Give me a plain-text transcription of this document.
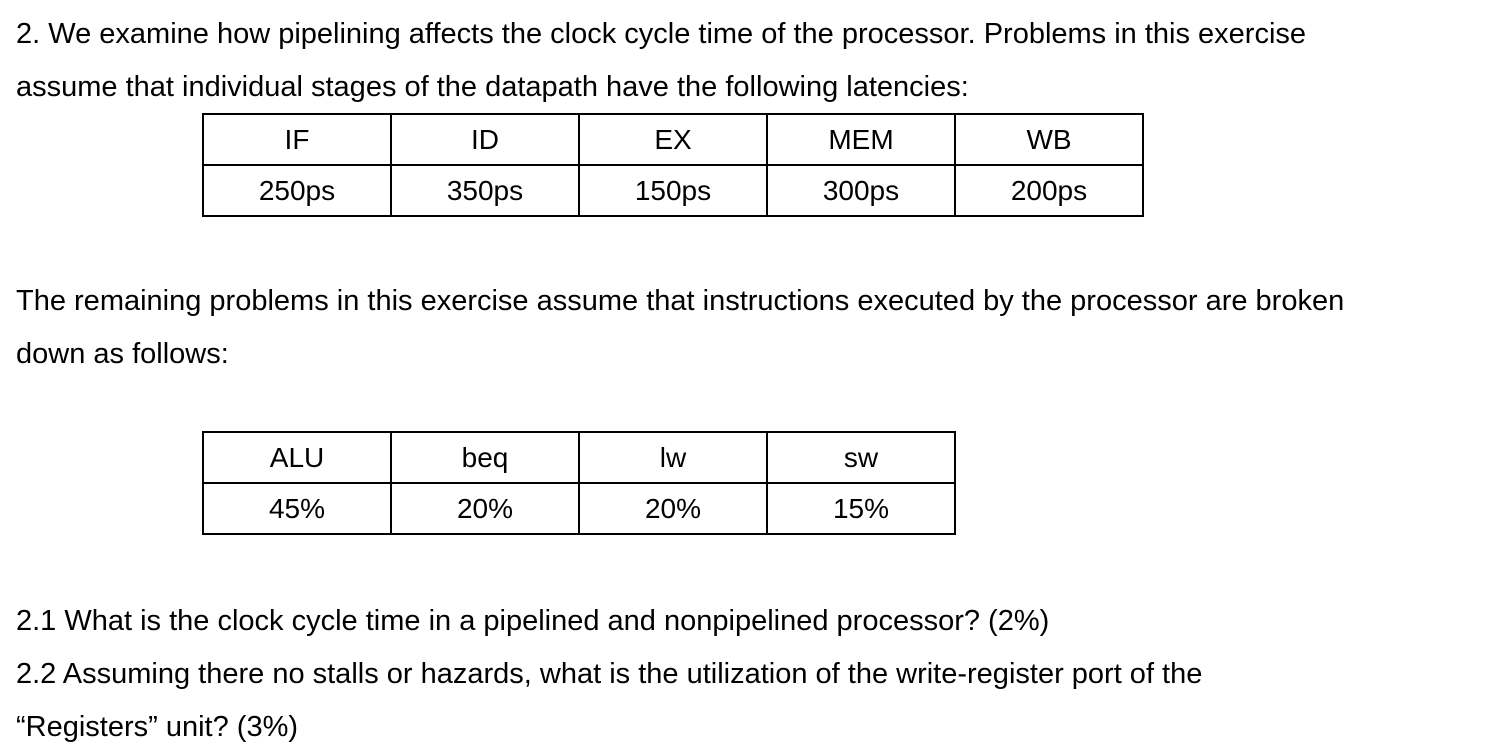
2. We examine how pipelining affects the clock cycle time of the processor. Problems in this exercise
assume that individual stages of the datapath have the following latencies:
IF	ID	EX	MEM	WB
250ps	350ps	150ps	300ps	200ps
The remaining problems in this exercise assume that instructions executed by the processor are broken
down as follows:
ALU	beq	lw	sw
45%	20%	20%	15%
2.1 What is the clock cycle time in a pipelined and nonpipelined processor? (2%)
2.2 Assuming there no stalls or hazards, what is the utilization of the write-register port of the
“Registers” unit? (3%)
